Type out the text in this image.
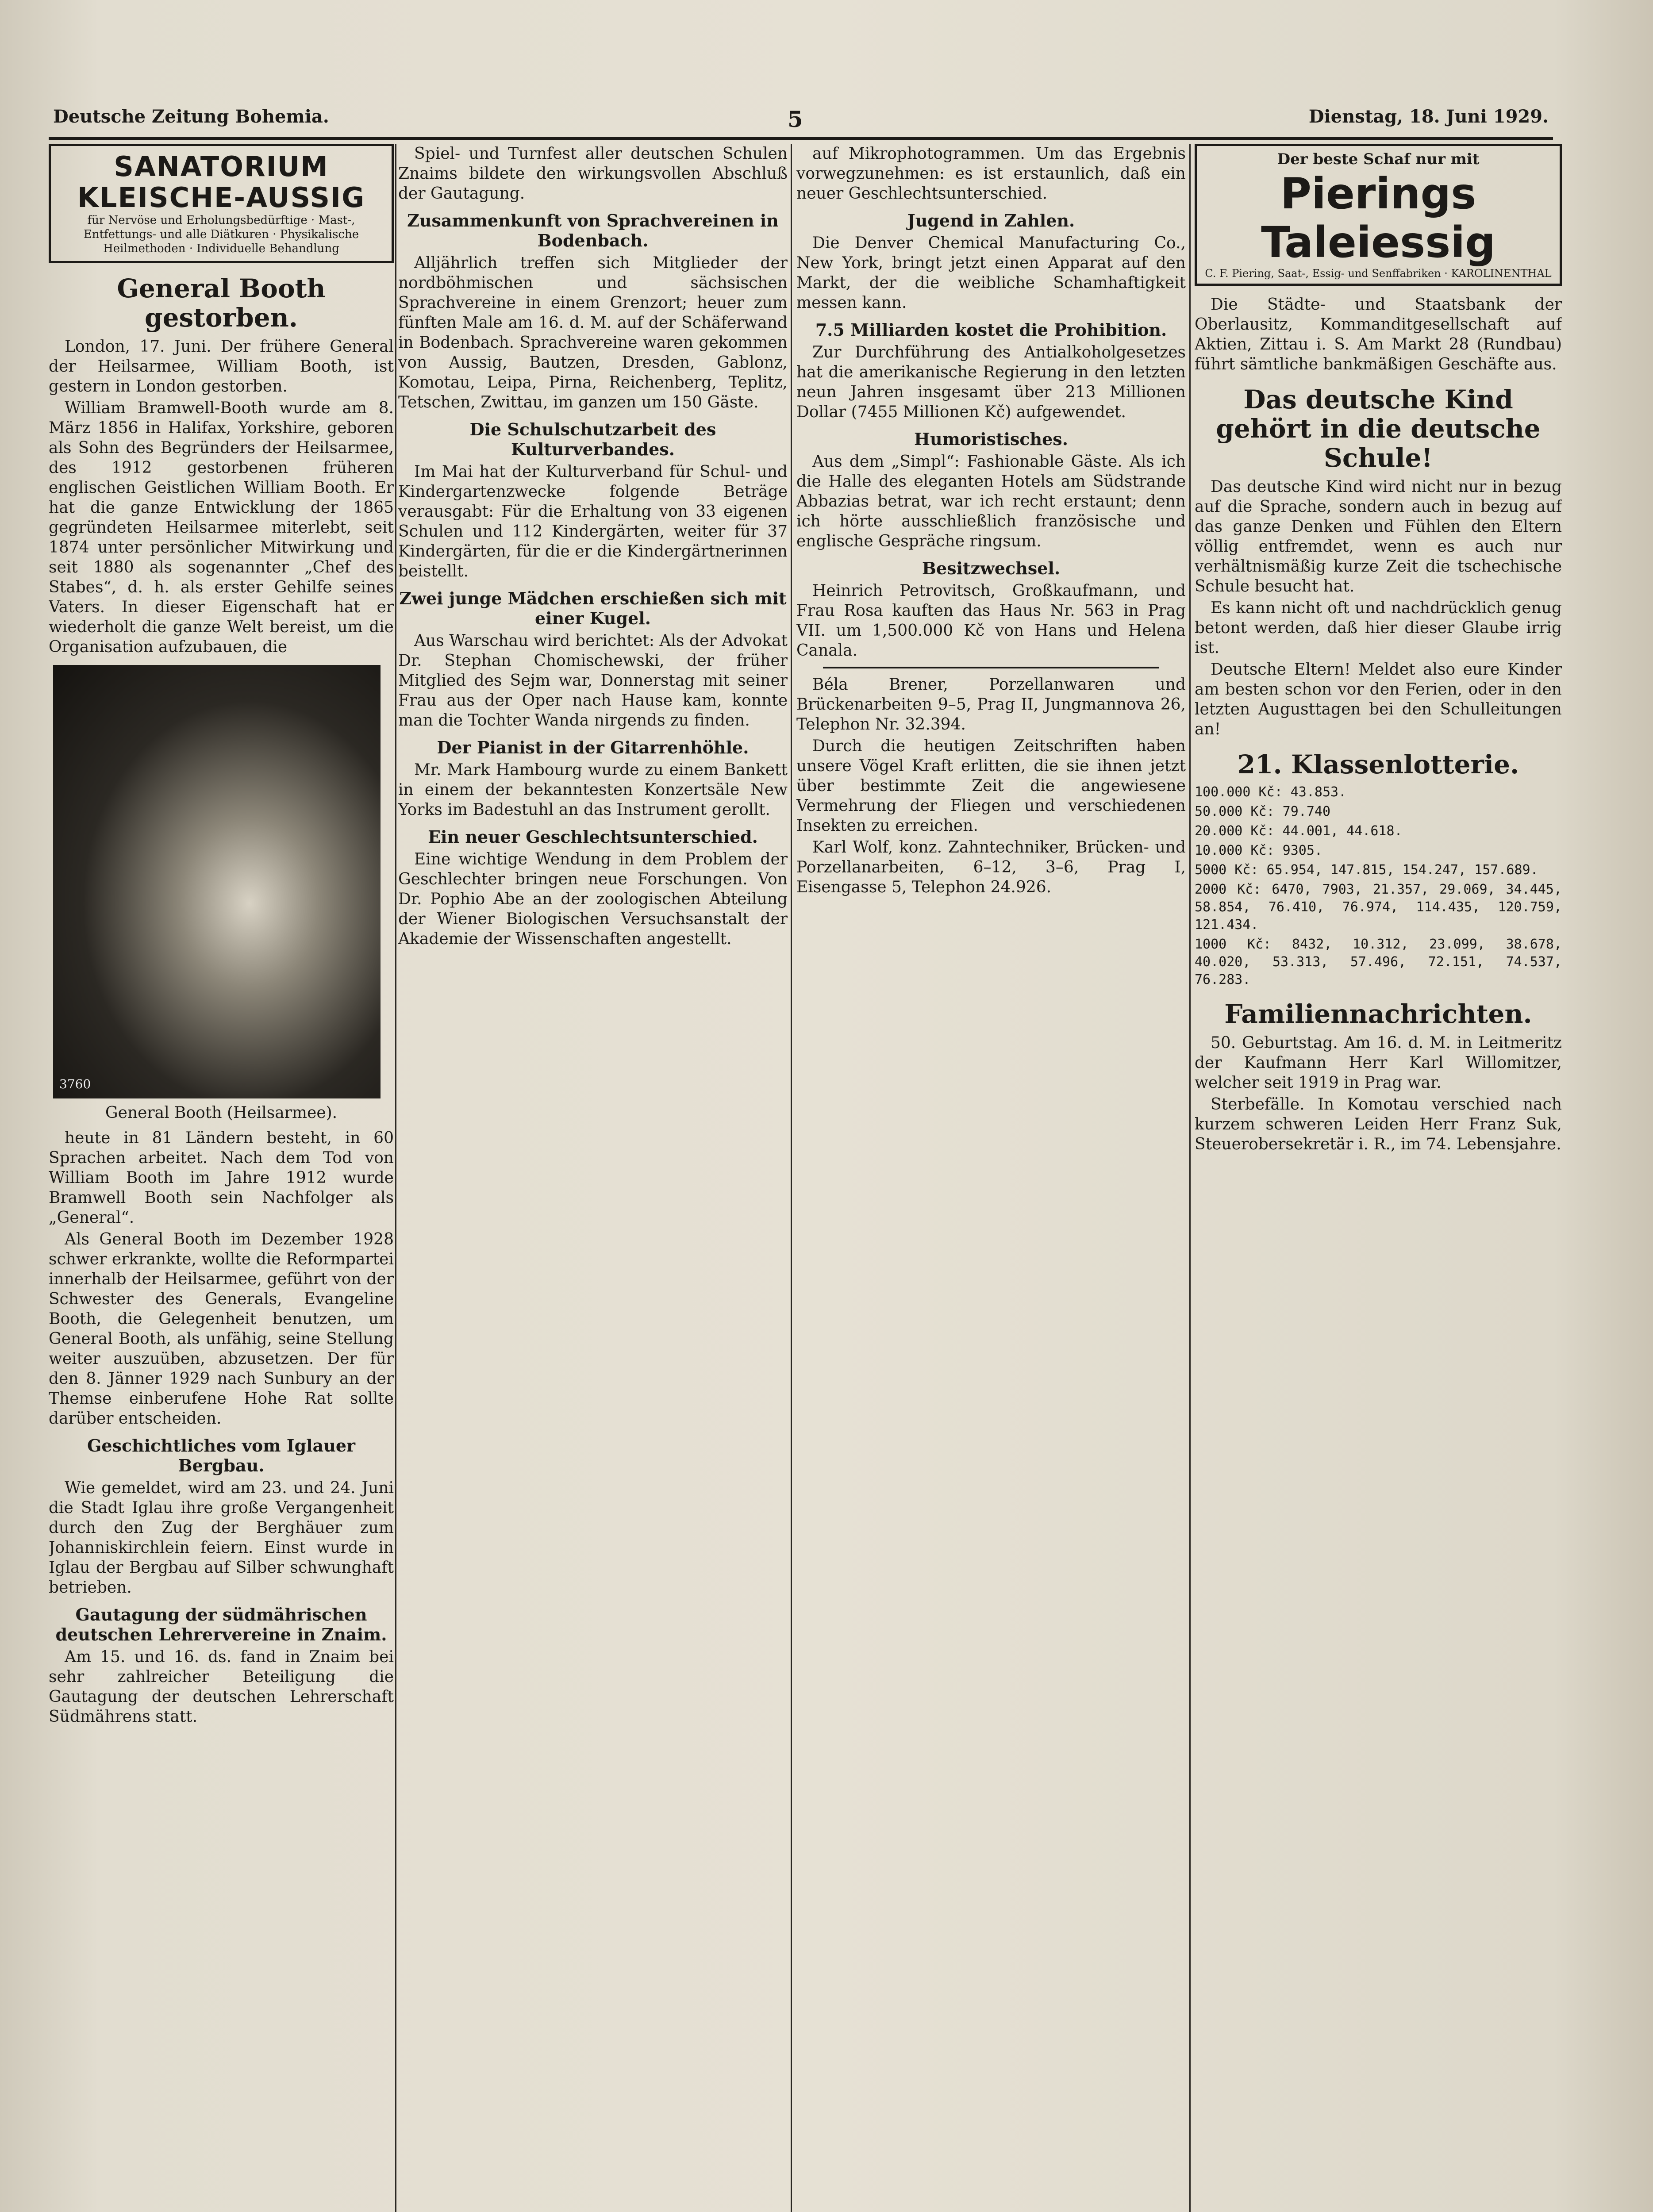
Deutsche Zeitung Bohemia.	5	Dienstag, 18. Juni 1929.
SANATORIUM KLEISCHE-AUSSIG
für Nervöse und Erholungsbedürftige · Mast-, Entfettungs- und alle Diätkuren · Physikalische Heilmethoden · Individuelle Behandlung
General Booth gestorben.

London, 17. Juni. Der frühere General der Heilsarmee, William Booth, ist gestern in London gestorben.

William Bramwell-Booth wurde am 8. März 1856 in Halifax, Yorkshire, geboren als Sohn des Begründers der Heilsarmee, des 1912 gestorbenen früheren englischen Geistlichen William Booth. Er hat die ganze Entwicklung der 1865 gegründeten Heilsarmee miterlebt, seit 1874 unter persönlicher Mitwirkung und seit 1880 als sogenannter „Chef des Stabes“, d. h. als erster Gehilfe seines Vaters. In dieser Eigenschaft hat er wiederholt die ganze Welt bereist, um die Organisation aufzubauen, die

3760
General Booth (Heilsarmee).

heute in 81 Ländern besteht, in 60 Sprachen arbeitet. Nach dem Tod von William Booth im Jahre 1912 wurde Bramwell Booth sein Nachfolger als „General“.

Als General Booth im Dezember 1928 schwer erkrankte, wollte die Reformpartei innerhalb der Heilsarmee, geführt von der Schwester des Generals, Evangeline Booth, die Gelegenheit benutzen, um General Booth, als unfähig, seine Stellung weiter auszuüben, abzusetzen. Der für den 8. Jänner 1929 nach Sunbury an der Themse einberufene Hohe Rat sollte darüber entscheiden.

Geschichtliches vom Iglauer Bergbau.

Wie gemeldet, wird am 23. und 24. Juni die Stadt Iglau ihre große Vergangenheit durch den Zug der Berghäuer zum Johanniskirchlein feiern. Einst wurde in Iglau der Bergbau auf Silber schwunghaft betrieben.

Gautagung der südmährischen deutschen Lehrervereine in Znaim.

Am 15. und 16. ds. fand in Znaim bei sehr zahlreicher Beteiligung die Gautagung der deutschen Lehrerschaft Südmährens statt.

Spiel- und Turnfest aller deutschen Schulen Znaims bildete den wirkungsvollen Abschluß der Gautagung.

Zusammenkunft von Sprachvereinen in Bodenbach.

Alljährlich treffen sich Mitglieder der nordböhmischen und sächsischen Sprachvereine in einem Grenzort; heuer zum fünften Male am 16. d. M. auf der Schäferwand in Bodenbach. Sprachvereine waren gekommen von Aussig, Bautzen, Dresden, Gablonz, Komotau, Leipa, Pirna, Reichenberg, Teplitz, Tetschen, Zwittau, im ganzen um 150 Gäste.

Die Schulschutzarbeit des Kulturverbandes.

Im Mai hat der Kulturverband für Schul- und Kindergartenzwecke folgende Beträge verausgabt: Für die Erhaltung von 33 eigenen Schulen und 112 Kindergärten, weiter für 37 Kindergärten, für die er die Kindergärtnerinnen beistellt.

Zwei junge Mädchen erschießen sich mit einer Kugel.

Aus Warschau wird berichtet: Als der Advokat Dr. Stephan Chomischewski, der früher Mitglied des Sejm war, Donnerstag mit seiner Frau aus der Oper nach Hause kam, konnte man die Tochter Wanda nirgends zu finden.

Der Pianist in der Gitarrenhöhle.

Mr. Mark Hambourg wurde zu einem Bankett in einem der bekanntesten Konzertsäle New Yorks im Badestuhl an das Instrument gerollt.

Ein neuer Geschlechtsunterschied.

Eine wichtige Wendung in dem Problem der Geschlechter bringen neue Forschungen. Von Dr. Pophio Abe an der zoologischen Abteilung der Wiener Biologischen Versuchsanstalt der Akademie der Wissenschaften angestellt.

auf Mikrophotogrammen. Um das Ergebnis vorwegzunehmen: es ist erstaunlich, daß ein neuer Geschlechtsunterschied.

Jugend in Zahlen.

Die Denver Chemical Manufacturing Co., New York, bringt jetzt einen Apparat auf den Markt, der die weibliche Schamhaftigkeit messen kann.

7.5 Milliarden kostet die Prohibition.

Zur Durchführung des Antialkoholgesetzes hat die amerikanische Regierung in den letzten neun Jahren insgesamt über 213 Millionen Dollar (7455 Millionen Kč) aufgewendet.

Humoristisches.

Aus dem „Simpl“: Fashionable Gäste. Als ich die Halle des eleganten Hotels am Südstrande Abbazias betrat, war ich recht erstaunt; denn ich hörte ausschließlich französische und englische Gespräche ringsum.

Besitzwechsel.

Heinrich Petrovitsch, Großkaufmann, und Frau Rosa kauften das Haus Nr. 563 in Prag VII. um 1,500.000 Kč von Hans und Helena Canala.

Béla Brener, Porzellanwaren und Brückenarbeiten 9–5, Prag II, Jungmannova 26, Telephon Nr. 32.394.

Durch die heutigen Zeitschriften haben unsere Vögel Kraft erlitten, die sie ihnen jetzt über bestimmte Zeit die angewiesene Vermehrung der Fliegen und verschiedenen Insekten zu erreichen.

Karl Wolf, konz. Zahntechniker, Brücken- und Porzellanarbeiten, 6–12, 3–6, Prag I, Eisengasse 5, Telephon 24.926.

Der beste Schaf nur mit
Pierings Taleiessig
C. F. Piering, Saat-, Essig- und Senffabriken · KAROLINENTHAL

Die Städte- und Staatsbank der Oberlausitz, Kommanditgesellschaft auf Aktien, Zittau i. S. Am Markt 28 (Rundbau) führt sämtliche bankmäßigen Geschäfte aus.

Das deutsche Kind gehört in die deutsche Schule!

Das deutsche Kind wird nicht nur in bezug auf die Sprache, sondern auch in bezug auf das ganze Denken und Fühlen den Eltern völlig entfremdet, wenn es auch nur verhältnismäßig kurze Zeit die tschechische Schule besucht hat.

Es kann nicht oft und nachdrücklich genug betont werden, daß hier dieser Glaube irrig ist.

Deutsche Eltern! Meldet also eure Kinder am besten schon vor den Ferien, oder in den letzten Augusttagen bei den Schulleitungen an!

21. Klassenlotterie.

100.000 Kč: 43.853.

50.000 Kč: 79.740

20.000 Kč: 44.001, 44.618.

10.000 Kč: 9305.

5000 Kč: 65.954, 147.815, 154.247, 157.689.

2000 Kč: 6470, 7903, 21.357, 29.069, 34.445, 58.854, 76.410, 76.974, 114.435, 120.759, 121.434.

1000 Kč: 8432, 10.312, 23.099, 38.678, 40.020, 53.313, 57.496, 72.151, 74.537, 76.283.

Familiennachrichten.

50. Geburtstag. Am 16. d. M. in Leitmeritz der Kaufmann Herr Karl Willomitzer, welcher seit 1919 in Prag war.

Sterbefälle. In Komotau verschied nach kurzem schweren Leiden Herr Franz Suk, Steuerobersekretär i. R., im 74. Lebensjahre.
